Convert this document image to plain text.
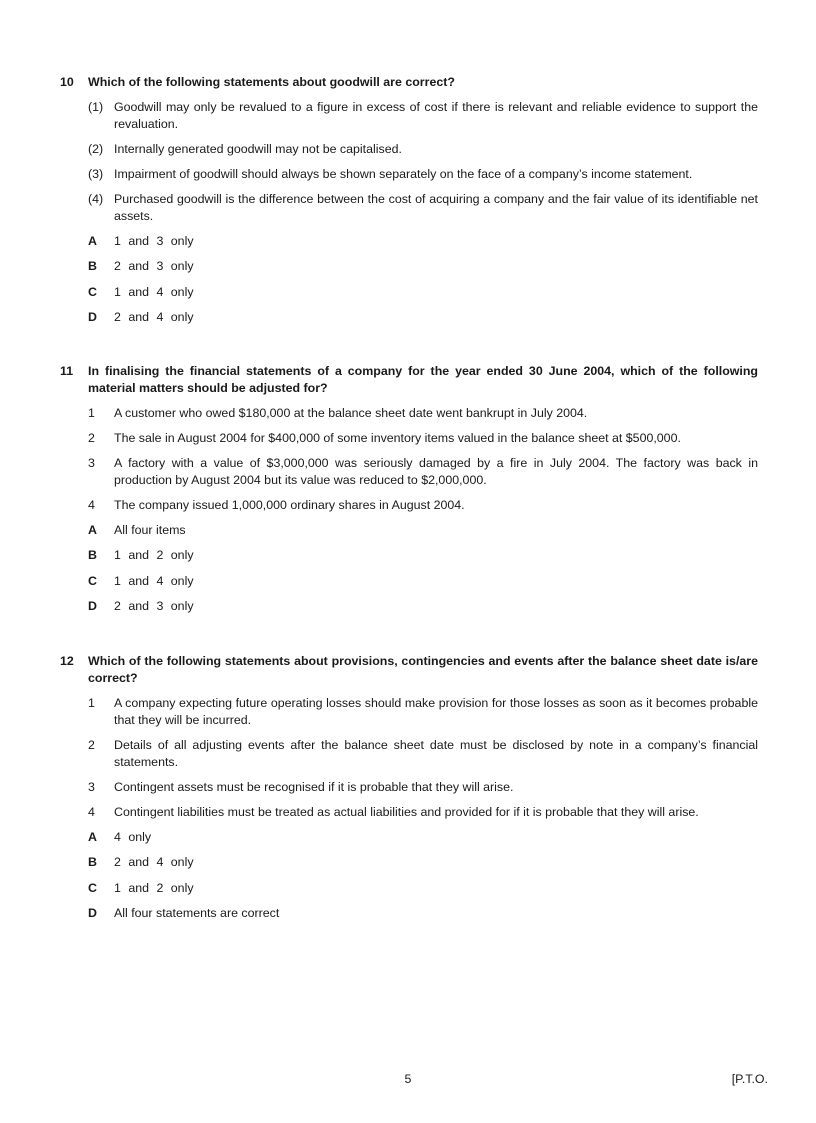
10	Which of the following statements about goodwill are correct?
(1) Goodwill may only be revalued to a figure in excess of cost if there is relevant and reliable evidence to support the revaluation.
(2) Internally generated goodwill may not be capitalised.
(3) Impairment of goodwill should always be shown separately on the face of a company’s income statement.
(4) Purchased goodwill is the difference between the cost of acquiring a company and the fair value of its identifiable net assets.
A	1 and 3 only
B	2 and 3 only
C	1 and 4 only
D	2 and 4 only
11	In finalising the financial statements of a company for the year ended 30 June 2004, which of the following material matters should be adjusted for?
1	A customer who owed $180,000 at the balance sheet date went bankrupt in July 2004.
2	The sale in August 2004 for $400,000 of some inventory items valued in the balance sheet at $500,000.
3	A factory with a value of $3,000,000 was seriously damaged by a fire in July 2004. The factory was back in production by August 2004 but its value was reduced to $2,000,000.
4	The company issued 1,000,000 ordinary shares in August 2004.
A	All four items
B	1 and 2 only
C	1 and 4 only
D	2 and 3 only
12	Which of the following statements about provisions, contingencies and events after the balance sheet date is/are correct?
1	A company expecting future operating losses should make provision for those losses as soon as it becomes probable that they will be incurred.
2	Details of all adjusting events after the balance sheet date must be disclosed by note in a company’s financial statements.
3	Contingent assets must be recognised if it is probable that they will arise.
4	Contingent liabilities must be treated as actual liabilities and provided for if it is probable that they will arise.
A	4 only
B	2 and 4 only
C	1 and 2 only
D	All four statements are correct
5	[P.T.O.
